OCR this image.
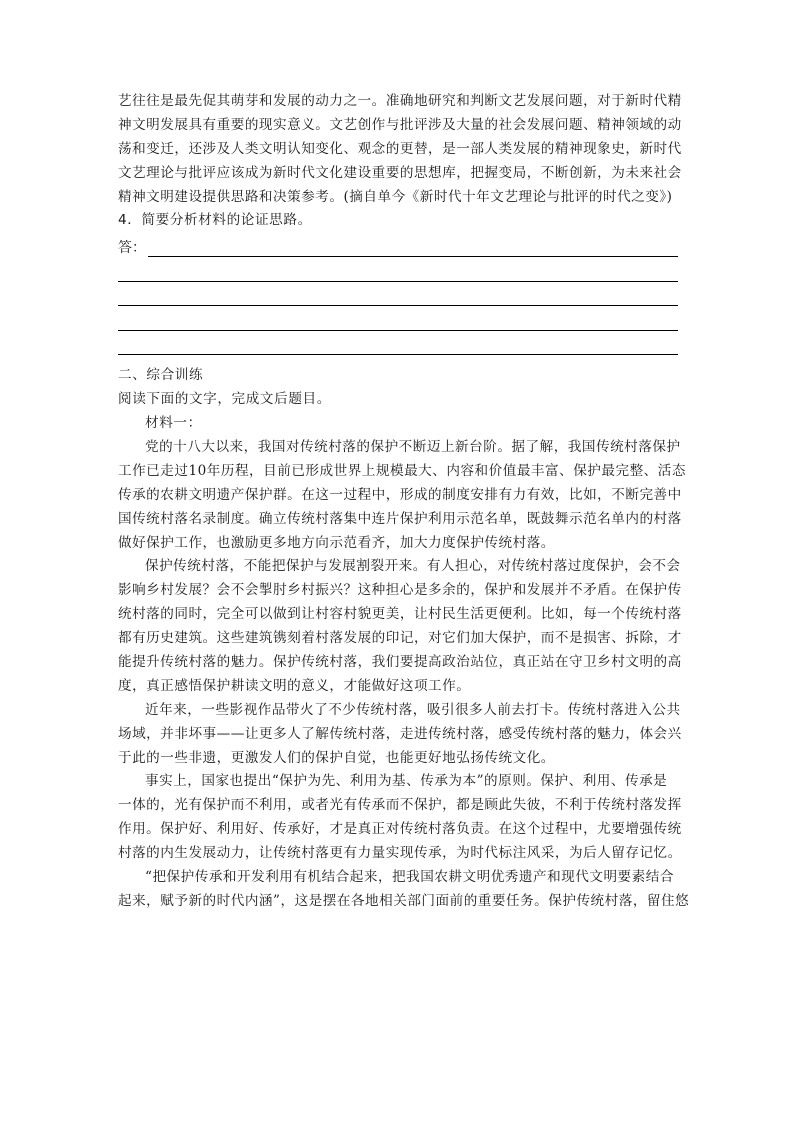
艺往往是最先促其萌芽和发展的动力之一。准确地研究和判断文艺发展问题，对于新时代精
神文明发展具有重要的现实意义。文艺创作与批评涉及大量的社会发展问题、精神领域的动
荡和变迁，还涉及人类文明认知变化、观念的更替，是一部人类发展的精神现象史，新时代
文艺理论与批评应该成为新时代文化建设重要的思想库，把握变局，不断创新，为未来社会
精神文明建设提供思路和决策参考。(摘自单今《新时代十年文艺理论与批评的时代之变》)
4．简要分析材料的论证思路。
答：
二、综合训练
阅读下面的文字，完成文后题目。
材料一：
党的十八大以来，我国对传统村落的保护不断迈上新台阶。据了解，我国传统村落保护
工作已走过10年历程，目前已形成世界上规模最大、内容和价值最丰富、保护最完整、活态
传承的农耕文明遗产保护群。在这一过程中，形成的制度安排有力有效，比如，不断完善中
国传统村落名录制度。确立传统村落集中连片保护利用示范名单，既鼓舞示范名单内的村落
做好保护工作，也激励更多地方向示范看齐，加大力度保护传统村落。
保护传统村落，不能把保护与发展割裂开来。有人担心，对传统村落过度保护，会不会
影响乡村发展？会不会掣肘乡村振兴？这种担心是多余的，保护和发展并不矛盾。在保护传
统村落的同时，完全可以做到让村容村貌更美，让村民生活更便利。比如，每一个传统村落
都有历史建筑。这些建筑镌刻着村落发展的印记，对它们加大保护，而不是损害、拆除，才
能提升传统村落的魅力。保护传统村落，我们要提高政治站位，真正站在守卫乡村文明的高
度，真正感悟保护耕读文明的意义，才能做好这项工作。
近年来，一些影视作品带火了不少传统村落，吸引很多人前去打卡。传统村落进入公共
场域，并非坏事——让更多人了解传统村落，走进传统村落，感受传统村落的魅力，体会兴
于此的一些非遗，更激发人们的保护自觉，也能更好地弘扬传统文化。
事实上，国家也提出“保护为先、利用为基、传承为本”的原则。保护、利用、传承是
一体的，光有保护而不利用，或者光有传承而不保护，都是顾此失彼，不利于传统村落发挥
作用。保护好、利用好、传承好，才是真正对传统村落负责。在这个过程中，尤要增强传统
村落的内生发展动力，让传统村落更有力量实现传承，为时代标注风采，为后人留存记忆。
“把保护传承和开发利用有机结合起来，把我国农耕文明优秀遗产和现代文明要素结合
起来，赋予新的时代内涵”，这是摆在各地相关部门面前的重要任务。保护传统村落，留住悠
